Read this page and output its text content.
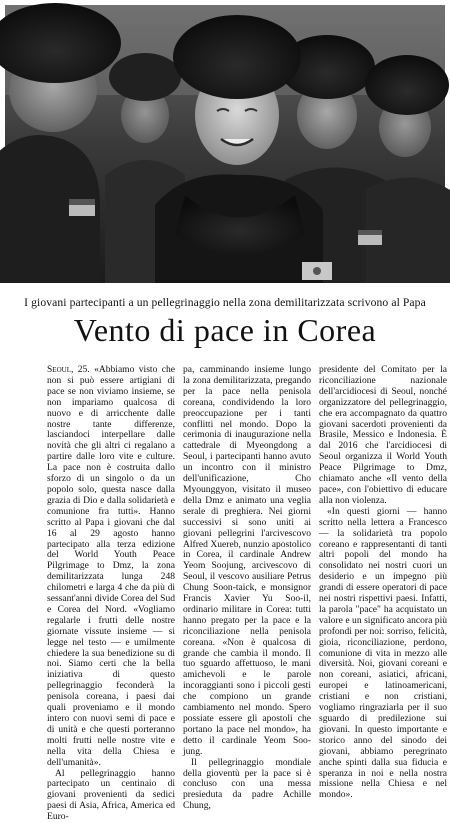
I giovani partecipanti a un pellegrinaggio nella zona demilitarizzata scrivono al Papa
Vento di pace in Corea

Seoul, 25. «Abbiamo visto che non si può essere artigiani di pace se non viviamo insieme, se non impariamo qualcosa di nuovo e di arricchente dalle nostre tante differenze, lasciandoci interpellare dalle novità che gli altri ci regalano a partire dalle loro vite e culture. La pace non è costruita dallo sforzo di un singolo o da un popolo solo, questa nasce dalla grazia di Dio e dalla solidarietà e comunione fra tutti». Hanno scritto al Papa i giovani che dal 16 al 29 agosto hanno partecipato alla terza edizione del World Youth Peace Pilgrimage to Dmz, la zona demilitarizzata lunga 248 chilometri e larga 4 che da più di sessant'anni divide Corea del Sud e Corea del Nord. «Vogliamo regalarle i frutti delle nostre giornate vissute insieme — si legge nel testo — e umilmente chiedere la sua benedizione su di noi. Siamo certi che la bella iniziativa di questo pellegrinaggio feconderà la penisola coreana, i paesi dai quali proveniamo e il mondo intero con nuovi semi di pace e di unità e che questi porteranno molti frutti nelle nostre vite e nella vita della Chiesa e dell'umanità».

Al pellegrinaggio hanno partecipato un centinaio di giovani provenienti da sedici paesi di Asia, Africa, America ed Euro-

pa, camminando insieme lungo la zona demilitarizzata, pregando per la pace nella penisola coreana, condividendo la loro preoccupazione per i tanti conflitti nel mondo. Dopo la cerimonia di inaugurazione nella cattedrale di Myeongdong a Seoul, i partecipanti hanno avuto un incontro con il ministro dell'unificazione, Cho Myounggyon, visitato il museo della Dmz e animato una veglia serale di preghiera. Nei giorni successivi si sono uniti ai giovani pellegrini l'arcivescovo Alfred Xuereb, nunzio apostolico in Corea, il cardinale Andrew Yeom Soojung, arcivescovo di Seoul, il vescovo ausiliare Petrus Chung Soon-taick, e monsignor Francis Xavier Yu Soo-il, ordinario militare in Corea: tutti hanno pregato per la pace e la riconciliazione nella penisola coreana. «Non è qualcosa di grande che cambia il mondo. Il tuo sguardo affettuoso, le mani amichevoli e le parole incoraggianti sono i piccoli gesti che compiono un grande cambiamento nel mondo. Spero possiate essere gli apostoli che portano la pace nel mondo», ha detto il cardinale Yeom Soo-jung.

Il pellegrinaggio mondiale della gioventù per la pace si è concluso con una messa presieduta da padre Achille Chung,

presidente del Comitato per la riconciliazione nazionale dell'arcidiocesi di Seoul, nonché organizzatore del pellegrinaggio, che era accompagnato da quattro giovani sacerdoti provenienti da Brasile, Messico e Indonesia. È dal 2016 che l'arcidiocesi di Seoul organizza il World Youth Peace Pilgrimage to Dmz, chiamato anche «Il vento della pace», con l'obiettivo di educare alla non violenza.

«In questi giorni — hanno scritto nella lettera a Francesco — la solidarietà tra popolo coreano e rappresentanti di tanti altri popoli del mondo ha consolidato nei nostri cuori un desiderio e un impegno più grandi di essere operatori di pace nei nostri rispettivi paesi. Infatti, la parola "pace" ha acquistato un valore e un significato ancora più profondi per noi: sorriso, felicità, gioia, riconciliazione, perdono, comunione di vita in mezzo alle diversità. Noi, giovani coreani e non coreani, asiatici, africani, europei e latinoamericani, cristiani e non cristiani, vogliamo ringraziarla per il suo sguardo di predilezione sui giovani. In questo importante e storico anno del sinodo dei giovani, abbiamo peregrinato anche spinti dalla sua fiducia e speranza in noi e nella nostra missione nella Chiesa e nel mondo».
